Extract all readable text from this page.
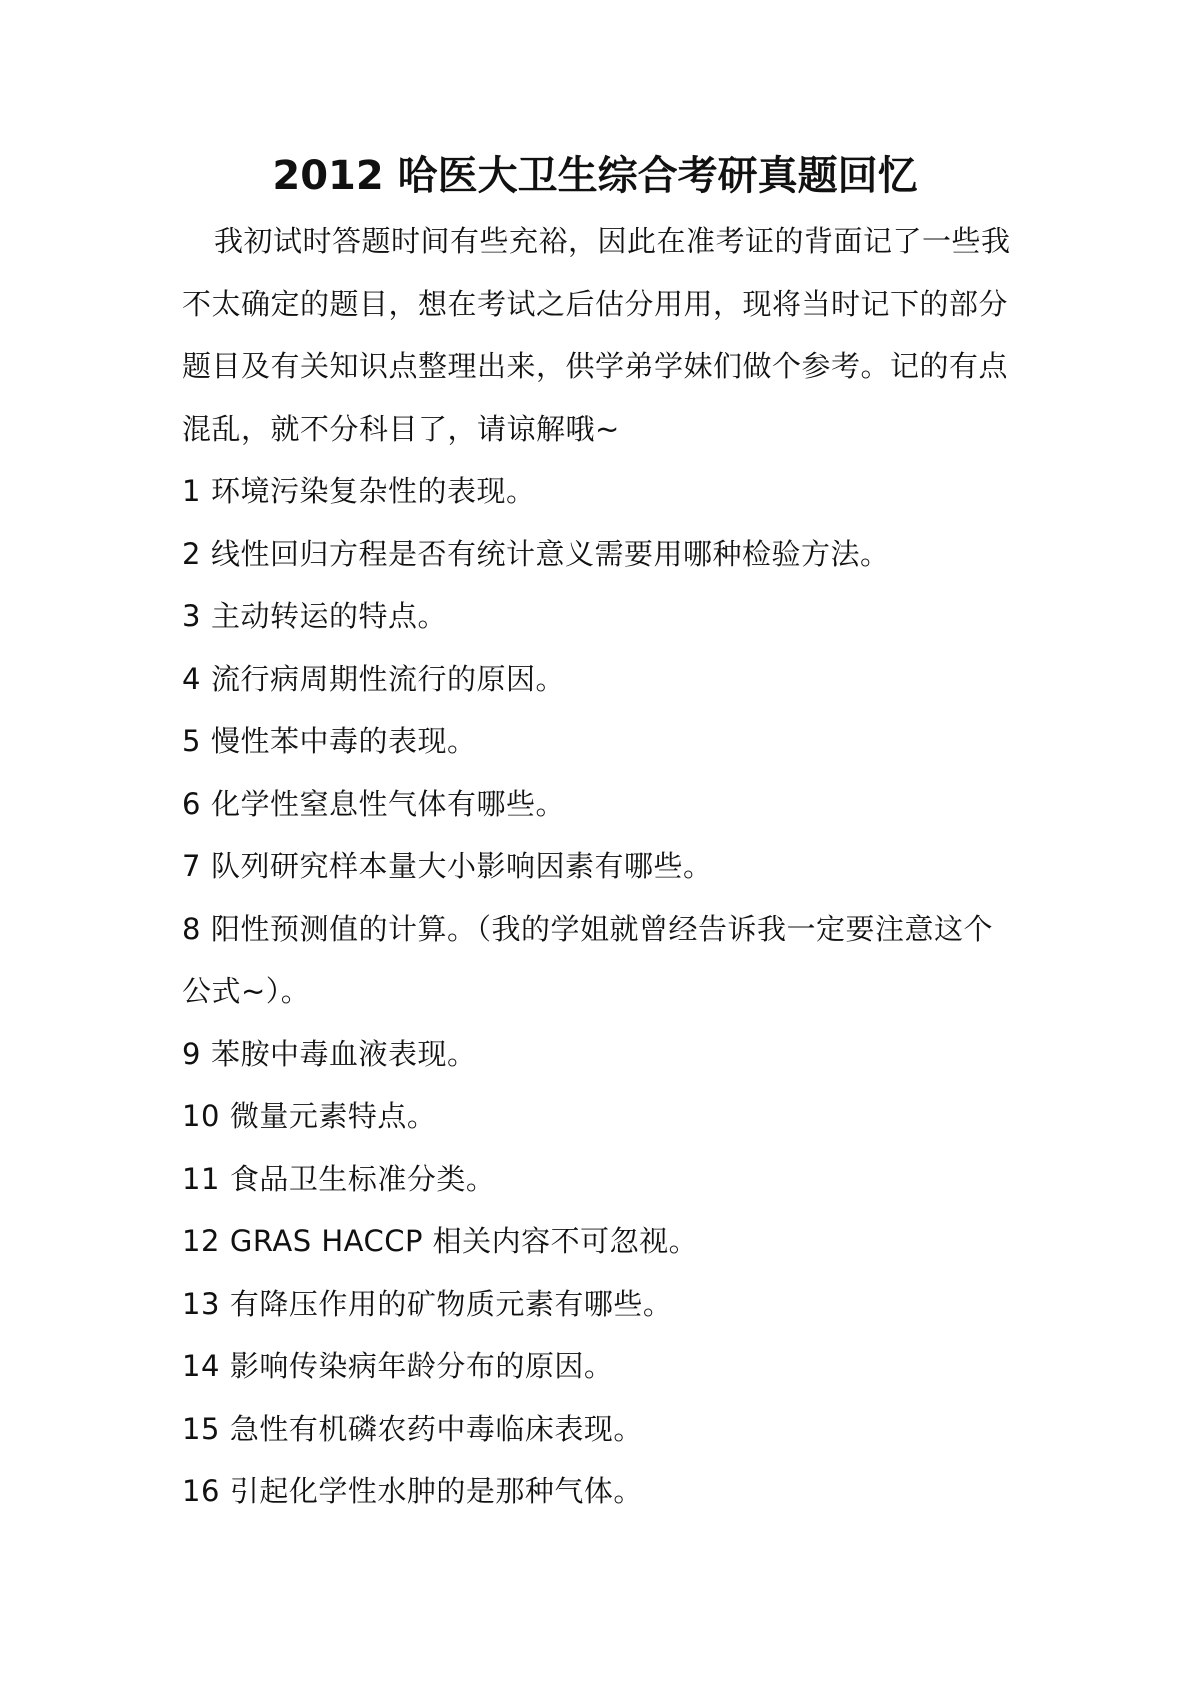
2012 哈医大卫生综合考研真题回忆
我初试时答题时间有些充裕，因此在准考证的背面记了一些我不太确定的题目，想在考试之后估分用用，现将当时记下的部分题目及有关知识点整理出来，供学弟学妹们做个参考。记的有点混乱，就不分科目了，请谅解哦~
1 环境污染复杂性的表现。
2 线性回归方程是否有统计意义需要用哪种检验方法。
3 主动转运的特点。
4 流行病周期性流行的原因。
5 慢性苯中毒的表现。
6 化学性窒息性气体有哪些。
7 队列研究样本量大小影响因素有哪些。
8 阳性预测值的计算。（我的学姐就曾经告诉我一定要注意这个公式~）。
9 苯胺中毒血液表现。
10 微量元素特点。
11 食品卫生标准分类。
12 GRAS HACCP 相关内容不可忽视。
13 有降压作用的矿物质元素有哪些。
14 影响传染病年龄分布的原因。
15 急性有机磷农药中毒临床表现。
16 引起化学性水肿的是那种气体。
